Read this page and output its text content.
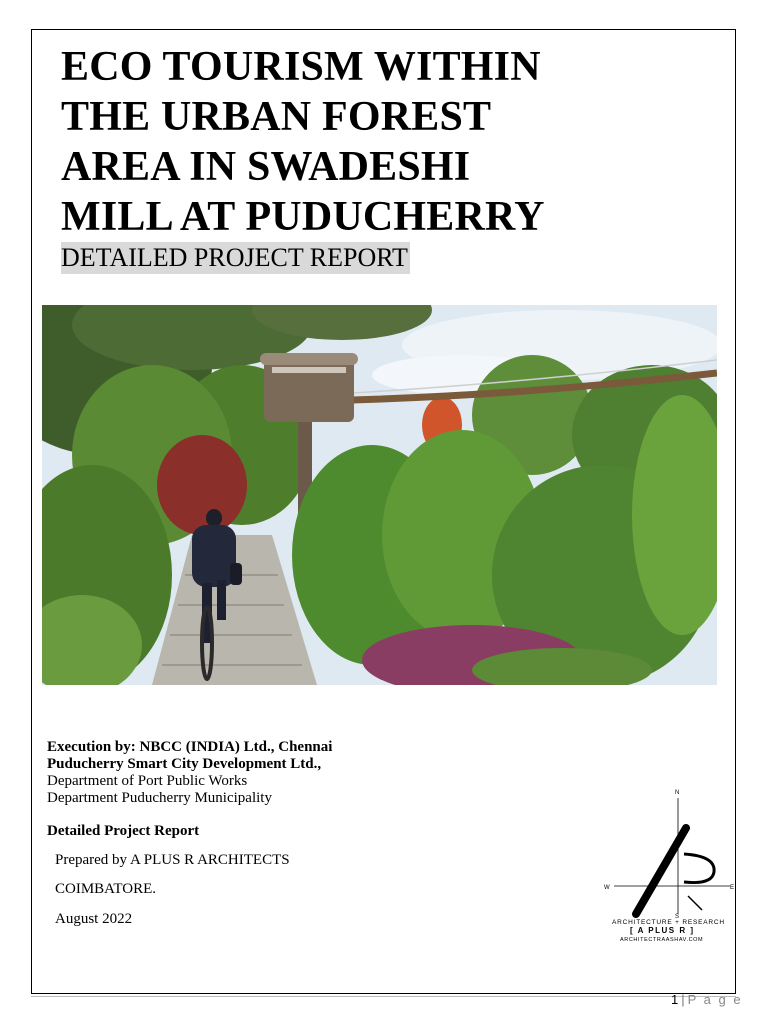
ECO TOURISM WITHIN
THE URBAN FOREST
AREA IN SWADESHI
MILL AT PUDUCHERRY
DETAILED PROJECT REPORT
Execution by: NBCC (INDIA) Ltd., Chennai
Puducherry Smart City Development Ltd.,
Department of Port Public Works
Department Puducherry Municipality
Detailed Project Report
Prepared by A PLUS R ARCHITECTS
COIMBATORE.
August 2022
N
W	E
S
ARCHITECTURE + RESEARCH
[ A PLUS R ]
ARCHITECTRAASHAV.COM
1 | P a g e
